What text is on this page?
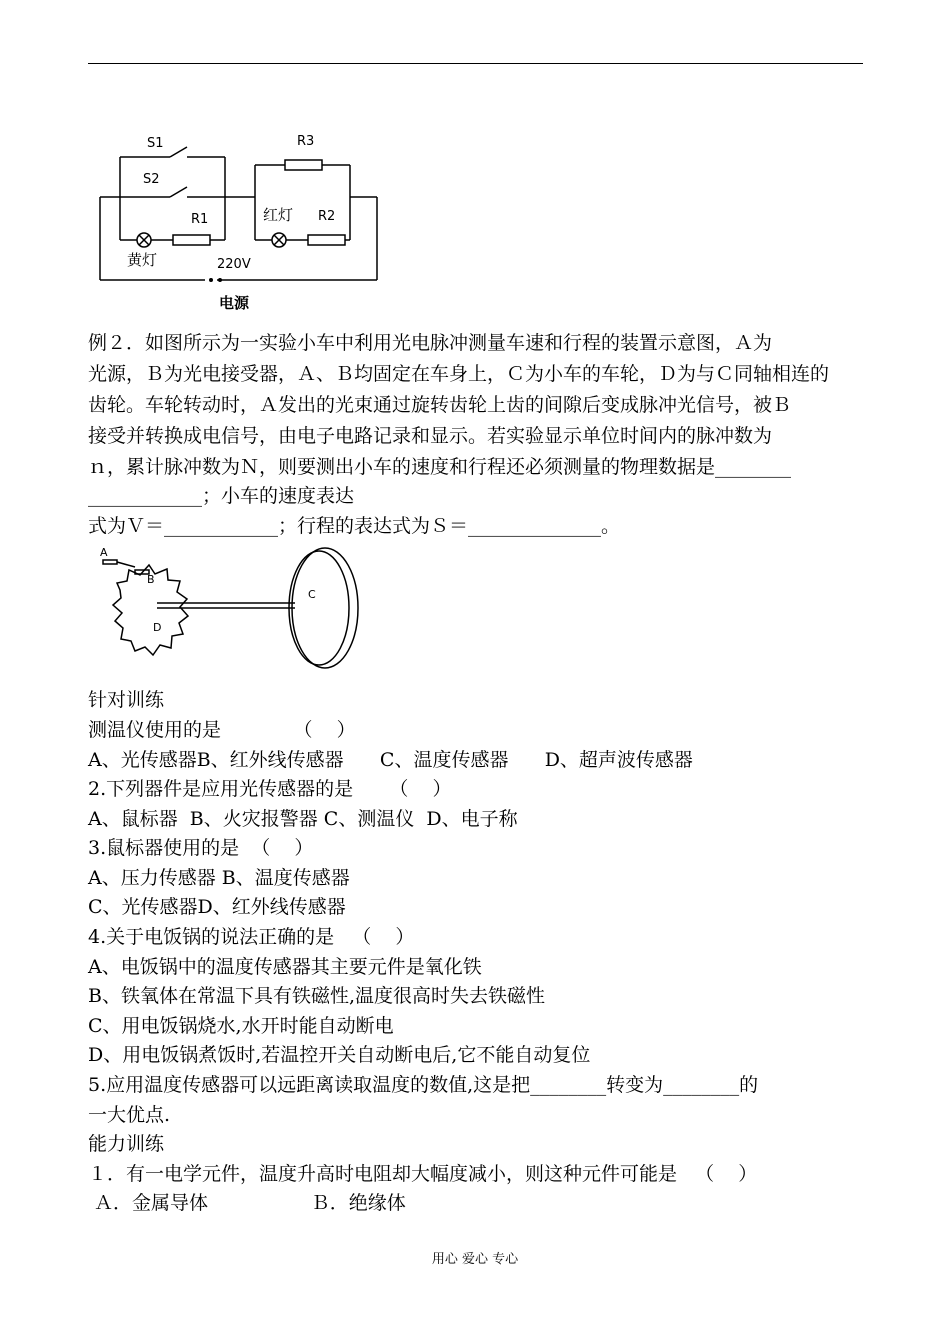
S1
S2
R1
R3
红灯 R2
黄灯	220V
电源
例２．如图所示为一实验小车中利用光电脉冲测量车速和行程的装置示意图，Ａ为
光源，Ｂ为光电接受器，Ａ、Ｂ均固定在车身上，Ｃ为小车的车轮，Ｄ为与Ｃ同轴相连的
齿轮。车轮转动时，Ａ发出的光束通过旋转齿轮上齿的间隙后变成脉冲光信号，被Ｂ
接受并转换成电信号，由电子电路记录和显示。若实验显示单位时间内的脉冲数为
ｎ，累计脉冲数为Ｎ，则要测出小车的速度和行程还必须测量的物理数据是________
____________；小车的速度表达
式为Ｖ＝____________；行程的表达式为Ｓ＝______________。
A
B
C
D
针对训练
测温仪使用的是            （    ）
A、光传感器B、红外线传感器      C、温度传感器      D、超声波传感器
2.下列器件是应用光传感器的是      （    ）
A、鼠标器  B、火灾报警器 C、测温仪  D、电子称
3.鼠标器使用的是  （    ）
A、压力传感器 B、温度传感器
C、光传感器D、红外线传感器
4.关于电饭锅的说法正确的是   （    ）
A、电饭锅中的温度传感器其主要元件是氧化铁
B、铁氧体在常温下具有铁磁性,温度很高时失去铁磁性
C、用电饭锅烧水,水开时能自动断电
D、用电饭锅煮饭时,若温控开关自动断电后,它不能自动复位
5.应用温度传感器可以远距离读取温度的数值,这是把________转变为________的
一大优点.
能力训练
１．有一电学元件，温度升高时电阻却大幅度减小，则这种元件可能是   （    ）
Ａ．金属导体                 Ｂ．绝缘体
用心 爱心 专心
